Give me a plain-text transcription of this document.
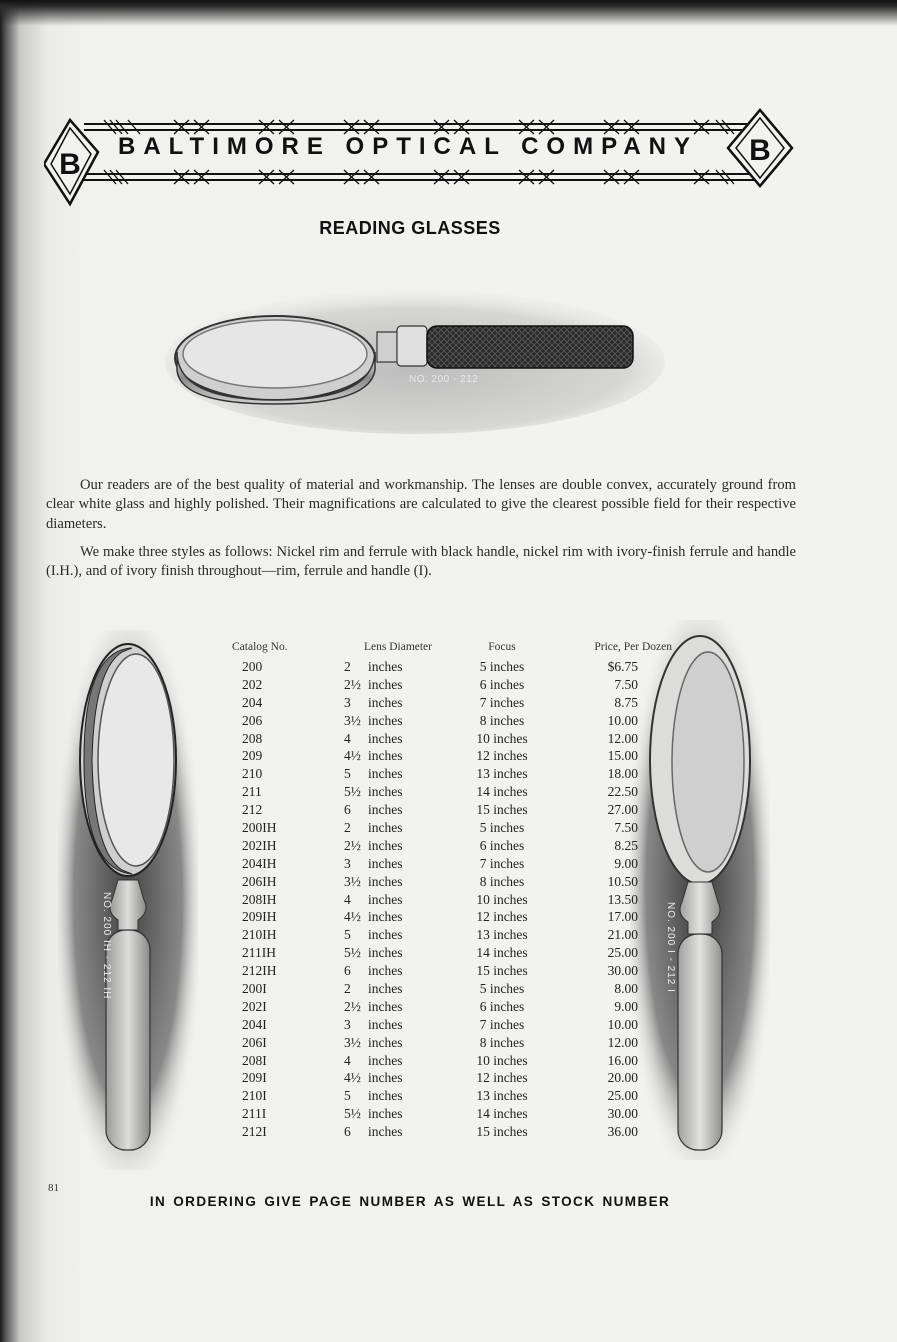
B	B
BALTIMORE OPTICAL COMPANY
READING GLASSES
NO. 200 - 212

Our readers are of the best quality of material and workmanship. The lenses are double convex, accurately ground from clear white glass and highly polished. Their magnifications are calculated to give the clearest possible field for their respective diameters.

We make three styles as follows: Nickel rim and ferrule with black handle, nickel rim with ivory-finish ferrule and handle (I.H.), and of ivory finish throughout—rim, ferrule and handle (I).

NO. 200 IH - 212 IH	NO. 200 I - 212 I
Catalog No.	Lens Diameter	Focus	Price, Per Dozen
200	2 inches	5 inches	$6.75
202	2½ inches	6 inches	7.50
204	3 inches	7 inches	8.75
206	3½ inches	8 inches	10.00
208	4 inches	10 inches	12.00
209	4½ inches	12 inches	15.00
210	5 inches	13 inches	18.00
211	5½ inches	14 inches	22.50
212	6 inches	15 inches	27.00
200IH	2 inches	5 inches	7.50
202IH	2½ inches	6 inches	8.25
204IH	3 inches	7 inches	9.00
206IH	3½ inches	8 inches	10.50
208IH	4 inches	10 inches	13.50
209IH	4½ inches	12 inches	17.00
210IH	5 inches	13 inches	21.00
211IH	5½ inches	14 inches	25.00
212IH	6 inches	15 inches	30.00
200I	2 inches	5 inches	8.00
202I	2½ inches	6 inches	9.00
204I	3 inches	7 inches	10.00
206I	3½ inches	8 inches	12.00
208I	4 inches	10 inches	16.00
209I	4½ inches	12 inches	20.00
210I	5 inches	13 inches	25.00
211I	5½ inches	14 inches	30.00
212I	6 inches	15 inches	36.00
81
IN ORDERING GIVE PAGE NUMBER AS WELL AS STOCK NUMBER
